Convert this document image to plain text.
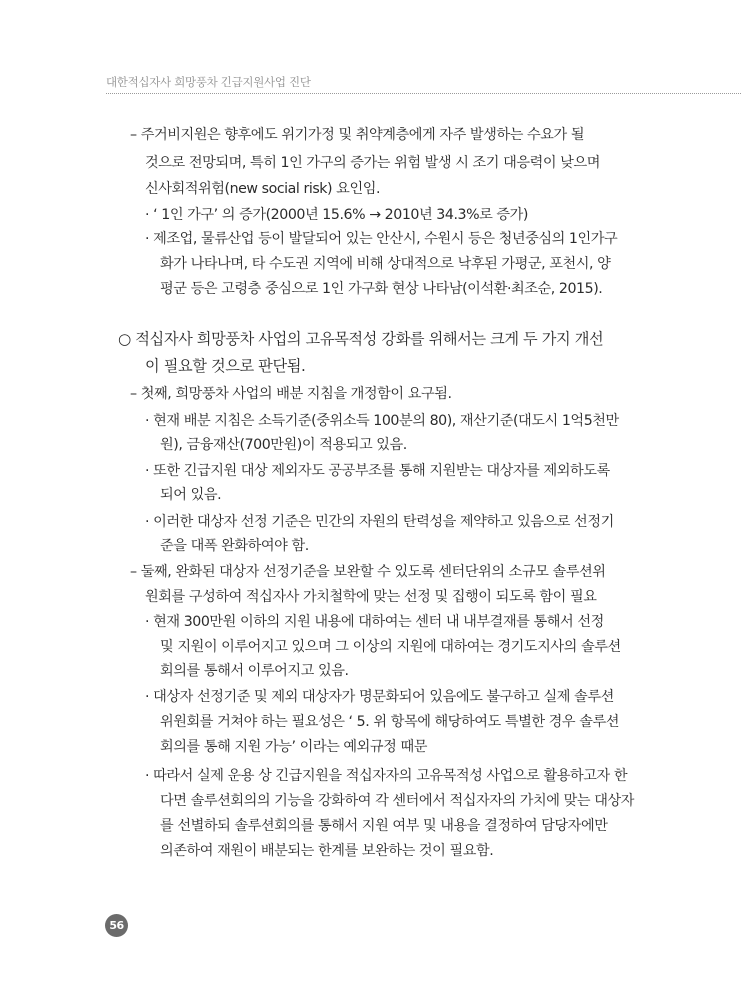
대한적십자사 희망풍차 긴급지원사업 진단
– 주거비지원은 향후에도 위기가정 및 취약계층에게 자주 발생하는 수요가 될
것으로 전망되며, 특히 1인 가구의 증가는 위험 발생 시 조기 대응력이 낮으며
신사회적위험(new social risk) 요인임.
· ‘ 1인 가구’ 의 증가(2000년 15.6% → 2010년 34.3%로 증가)
· 제조업, 물류산업 등이 발달되어 있는 안산시, 수원시 등은 청년중심의 1인가구
화가 나타나며, 타 수도권 지역에 비해 상대적으로 낙후된 가평군, 포천시, 양
평군 등은 고령층 중심으로 1인 가구화 현상 나타남(이석환·최조순, 2015).
○ 적십자사 희망풍차 사업의 고유목적성 강화를 위해서는 크게 두 가지 개선
이 필요할 것으로 판단됨.
– 첫째, 희망풍차 사업의 배분 지침을 개정함이 요구됨.
· 현재 배분 지침은 소득기준(중위소득 100분의 80), 재산기준(대도시 1억5천만
원), 금융재산(700만원)이 적용되고 있음.
· 또한 긴급지원 대상 제외자도 공공부조를 통해 지원받는 대상자를 제외하도록
되어 있음.
· 이러한 대상자 선정 기준은 민간의 자원의 탄력성을 제약하고 있음으로 선정기
준을 대폭 완화하여야 함.
– 둘째, 완화된 대상자 선정기준을 보완할 수 있도록 센터단위의 소규모 솔루션위
원회를 구성하여 적십자사 가치철학에 맞는 선정 및 집행이 되도록 함이 필요
· 현재 300만원 이하의 지원 내용에 대하여는 센터 내 내부결재를 통해서 선정
및 지원이 이루어지고 있으며 그 이상의 지원에 대하여는 경기도지사의 솔루션
회의를 통해서 이루어지고 있음.
· 대상자 선정기준 및 제외 대상자가 명문화되어 있음에도 불구하고 실제 솔루션
위원회를 거쳐야 하는 필요성은 ‘ 5. 위 항목에 해당하여도 특별한 경우 솔루션
회의를 통해 지원 가능’ 이라는 예외규정 때문
· 따라서 실제 운용 상 긴급지원을 적십자자의 고유목적성 사업으로 활용하고자 한
다면 솔루션회의의 기능을 강화하여 각 센터에서 적십자자의 가치에 맞는 대상자
를 선별하되 솔루션회의를 통해서 지원 여부 및 내용을 결정하여 담당자에만
의존하여 재원이 배분되는 한계를 보완하는 것이 필요함.
56
